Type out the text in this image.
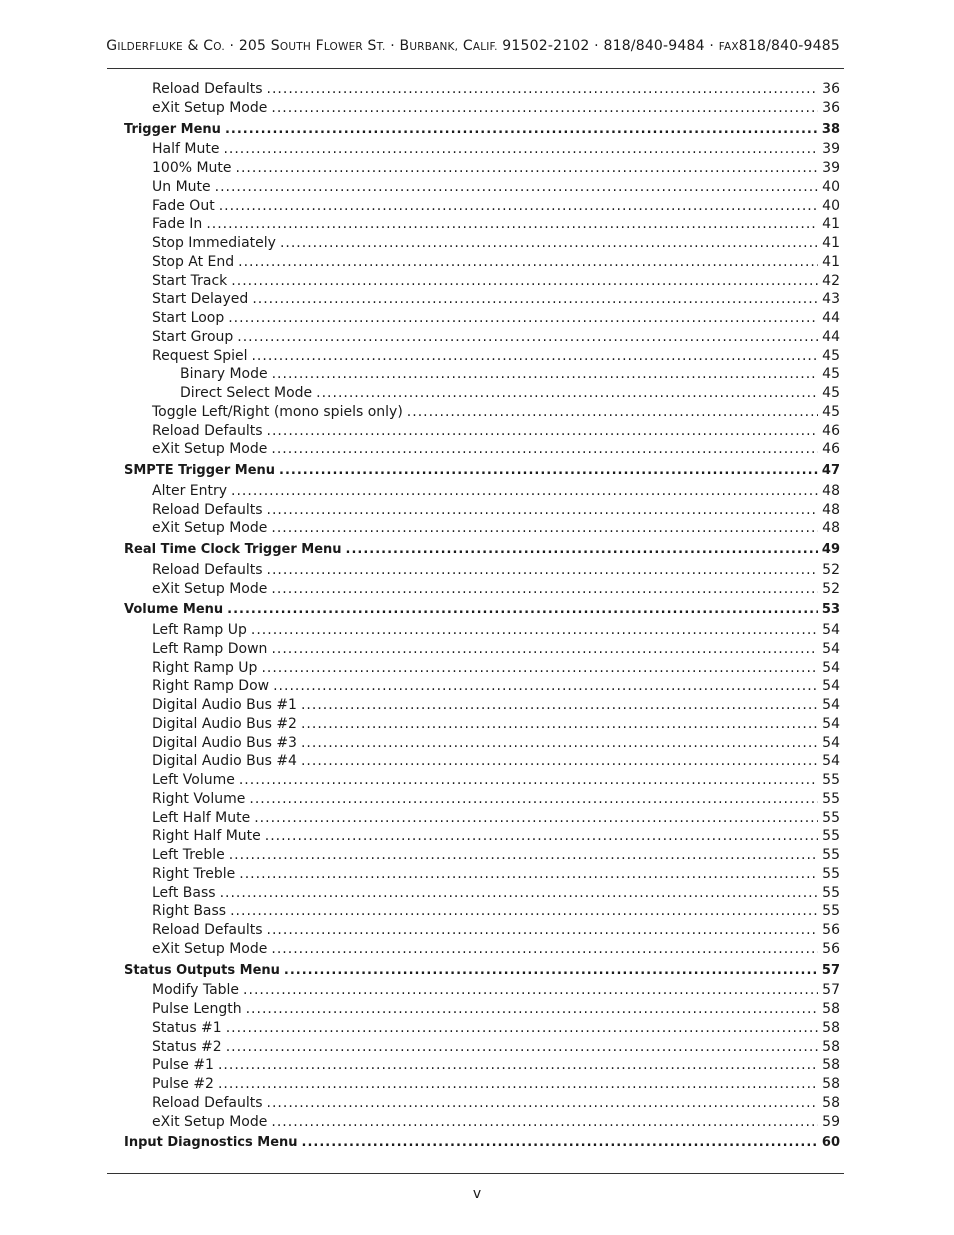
GILDERFLUKE & CO. · 205 SOUTH FLOWER ST. · BURBANK, CALIF. 91502-2102 · 818/840-9484 · FAX818/840-9485
Reload Defaults .....	36
eXit Setup Mode .....	36
Trigger Menu .....	38
Half Mute .....	39
100% Mute .....	39
Un Mute .....	40
Fade Out .....	40
Fade In .....	41
Stop Immediately .....	41
Stop At End .....	41
Start Track .....	42
Start Delayed .....	43
Start Loop .....	44
Start Group .....	44
Request Spiel .....	45
Binary Mode .....	45
Direct Select Mode .....	45
Toggle Left/Right (mono spiels only) .....	45
Reload Defaults .....	46
eXit Setup Mode .....	46
SMPTE Trigger Menu .....	47
Alter Entry .....	48
Reload Defaults .....	48
eXit Setup Mode .....	48
Real Time Clock Trigger Menu .....	49
Reload Defaults .....	52
eXit Setup Mode .....	52
Volume Menu .....	53
Left Ramp Up .....	54
Left Ramp Down .....	54
Right Ramp Up .....	54
Right Ramp Dow .....	54
Digital Audio Bus #1 .....	54
Digital Audio Bus #2 .....	54
Digital Audio Bus #3 .....	54
Digital Audio Bus #4 .....	54
Left Volume .....	55
Right Volume .....	55
Left Half Mute .....	55
Right Half Mute .....	55
Left Treble .....	55
Right Treble .....	55
Left Bass .....	55
Right Bass .....	55
Reload Defaults .....	56
eXit Setup Mode .....	56
Status Outputs Menu .....	57
Modify Table .....	57
Pulse Length .....	58
Status #1 .....	58
Status #2 .....	58
Pulse #1 .....	58
Pulse #2 .....	58
Reload Defaults .....	58
eXit Setup Mode .....	59
Input Diagnostics Menu .....	60
v
